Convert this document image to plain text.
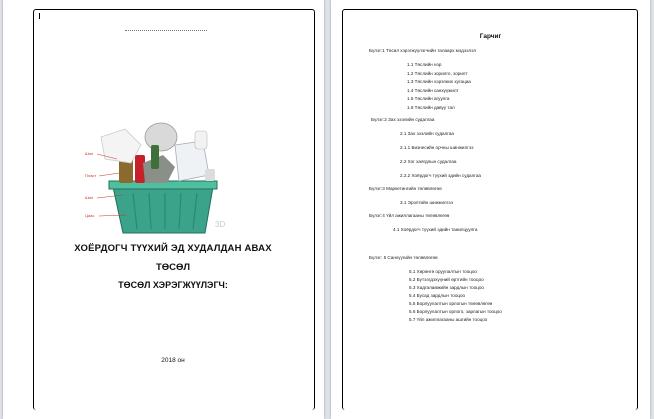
Шил
Пласт
Шил
Цаас
3D
ХОЁРДОГЧ ТҮҮХИЙ ЭД ХУДАЛДАН АВАХ
ТӨСӨЛ
ТӨСӨЛ ХЭРЭГЖҮҮЛЭГЧ:
2018 он
Гарчиг
Бүлэг:1 Төсөл хэрэгжүүлэгчийн талаарх мэдээлэл
1.1 Төслийн нэр
1.2 Төслийн зорилго, зорилт
1.3 Төслийн хэрэгжих хугацаа
1.4 Төслийн санхүүжилт
1.5 Төслийн агуулга
1.6 Төслийн давуу тал
Бүлэг:2 Зах зээлийн судалгаа
2.1 Зах зээлийн судалгаа
2.1.1 Бизнесийн орчны шинжилгээ
2.2 Хог хаягдлын судалгаа
2.2.2 Хоёрдогч түүхий эдийн судалгаа
Бүлэг:3 Маркетингийн төлөвлөгөө
3.1 Эрэлтийн шинжилгээ
Бүлэг:4 Үйл ажиллагааны төлөвлөгөө
4.1 Хоёрдогч түүхий эдийн танилцуулга
Бүлэг: 5 Санхүүгийн төлөвлөгөө
5.1 Хөрөнгө оруулалтын тооцоо
5.2 Бүтээгдэхүүний өртгийн тооцоо
5.3 Хадгаламжийн зардлын тооцоо
5.4 Бусад зардлын тооцоо
5.5 Борлуулалтын орлогын төлөвлөгөө
5.6 Борлуулалтын орлого, зарлагын тооцоо
5.7 Үйл ажиллагааны ашгийн тооцоо
